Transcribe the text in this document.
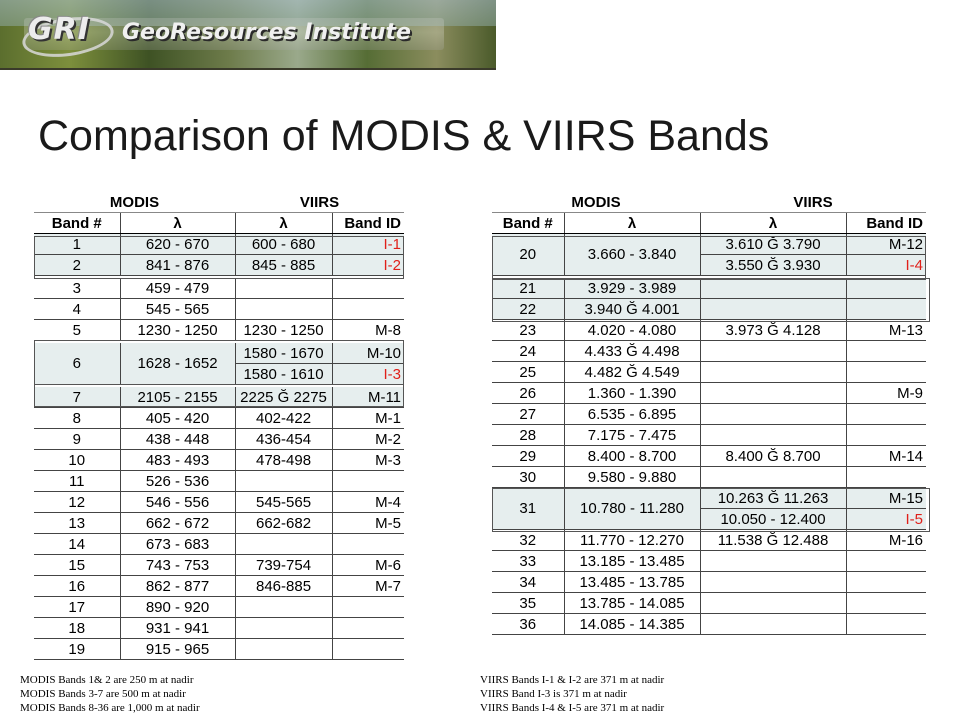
GRI GeoResources Institute
Comparison of MODIS & VIIRS Bands
MODIS		VIIRS	
Band #	λ	λ	Band ID
1	620 - 670	600 - 680	I-1
2	841 - 876	845 - 885	I-2

3	459 - 479		
4	545 - 565		
5	1230 - 1250	1230 - 1250	M-8

6	1628 - 1652	1580 - 1670	M-10
		1580 - 1610	I-3

7	2105 - 2155	2225 Ğ 2275	M-11
8	405 - 420	402-422	M-1
9	438 - 448	436-454	M-2
10	483 - 493	478-498	M-3
11	526 - 536		
12	546 - 556	545-565	M-4
13	662 - 672	662-682	M-5
14	673 - 683		
15	743 - 753	739-754	M-6
16	862 - 877	846-885	M-7
17	890 - 920		
18	931 - 941		
19	915 - 965		
MODIS		VIIRS	
Band #	λ	λ	Band ID
20	3.660 - 3.840	3.610 Ğ 3.790	M-12
		3.550 Ğ 3.930	I-4

21	3.929 - 3.989		
22	3.940 Ğ 4.001		
23	4.020 - 4.080	3.973 Ğ 4.128	M-13
24	4.433 Ğ 4.498		
25	4.482 Ğ 4.549		
26	1.360 - 1.390		M-9
27	6.535 - 6.895		
28	7.175 - 7.475		
29	8.400 - 8.700	8.400 Ğ 8.700	M-14
30	9.580 - 9.880		
31	10.780 - 11.280	10.263 Ğ 11.263	M-15
		10.050 - 12.400	I-5
32	11.770 - 12.270	11.538 Ğ 12.488	M-16
33	13.185 - 13.485		
34	13.485 - 13.785		
35	13.785 - 14.085		
36	14.085 - 14.385		
MODIS Bands 1& 2 are 250 m at nadir
MODIS Bands 3-7 are 500 m at nadir
MODIS Bands 8-36 are 1,000 m at nadir
VIIRS Bands I-1 & I-2 are 371 m at nadir
VIIRS Band I-3 is 371 m at nadir
VIIRS Bands I-4 & I-5 are 371 m at nadir
